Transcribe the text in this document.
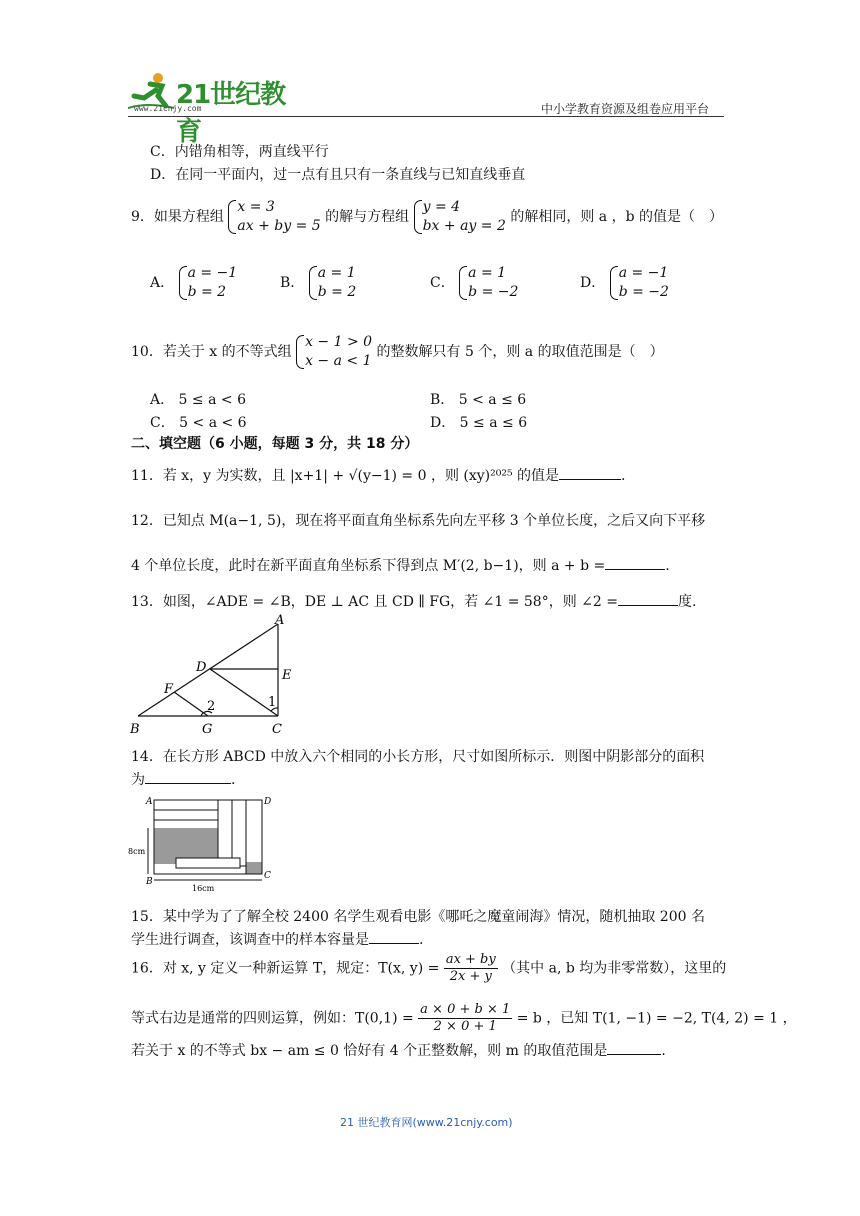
21世纪教育
www.21cnjy.com	中小学教育资源及组卷应用平台
C．内错角相等，两直线平行
D．在同一平面内，过一点有且只有一条直线与已知直线垂直
9．如果方程组 x = 3
ax + by = 5 的解与方程组 y = 4
bx + ay = 2 的解相同，则 a ，b 的值是（　）
A． a = −1
b = 2
B． a = 1
b = 2
C． a = 1
b = −2
D． a = −1
b = −2
10．若关于 x 的不等式组 x − 1 > 0
x − a < 1 的整数解只有 5 个，则 a 的取值范围是（　）
A． 5 ≤ a < 6	B． 5 < a ≤ 6
C． 5 < a < 6	D． 5 ≤ a ≤ 6
二、填空题（6 小题，每题 3 分，共 18 分）
11．若 x，y 为实数，且 |x+1| + √(y−1) = 0 ，则 (xy)²⁰²⁵ 的值是	.
12．已知点 M(a−1, 5)，现在将平面直角坐标系先向左平移 3 个单位长度，之后又向下平移
4 个单位长度，此时在新平面直角坐标系下得到点 M′(2, b−1)，则 a + b =	.
13．如图，∠ADE = ∠B，DE ⊥ AC 且 CD ∥ FG，若 ∠1 = 58°，则 ∠2 =	度.
A
D
E
F
B	G	C
2	1
14．在长方形 ABCD 中放入六个相同的小长方形，尺寸如图所标示．则图中阴影部分的面积
为	.
A	D
B
C
8cm
16cm
15．某中学为了了解全校 2400 名学生观看电影《哪吒之魔童闹海》情况，随机抽取 200 名
学生进行调查，该调查中的样本容量是	.
16．对 x, y 定义一种新运算 T，规定：T(x, $y) = \frac{ax + by}{2x + y}$ （其中 a, b 均为非零常数），这里的
等式右边是通常的四则运算，例如：$T(0,1) = \frac{a \times 0 + b \times 1}{2 \times 0 + 1} = b$ ，已知 T(1, −1) = −2, T(4, 2) = 1 ，
若关于 x 的不等式 bx − am ≤ 0 恰好有 4 个正整数解，则 m 的取值范围是	.
21 世纪教育网(www.21cnjy.com)
